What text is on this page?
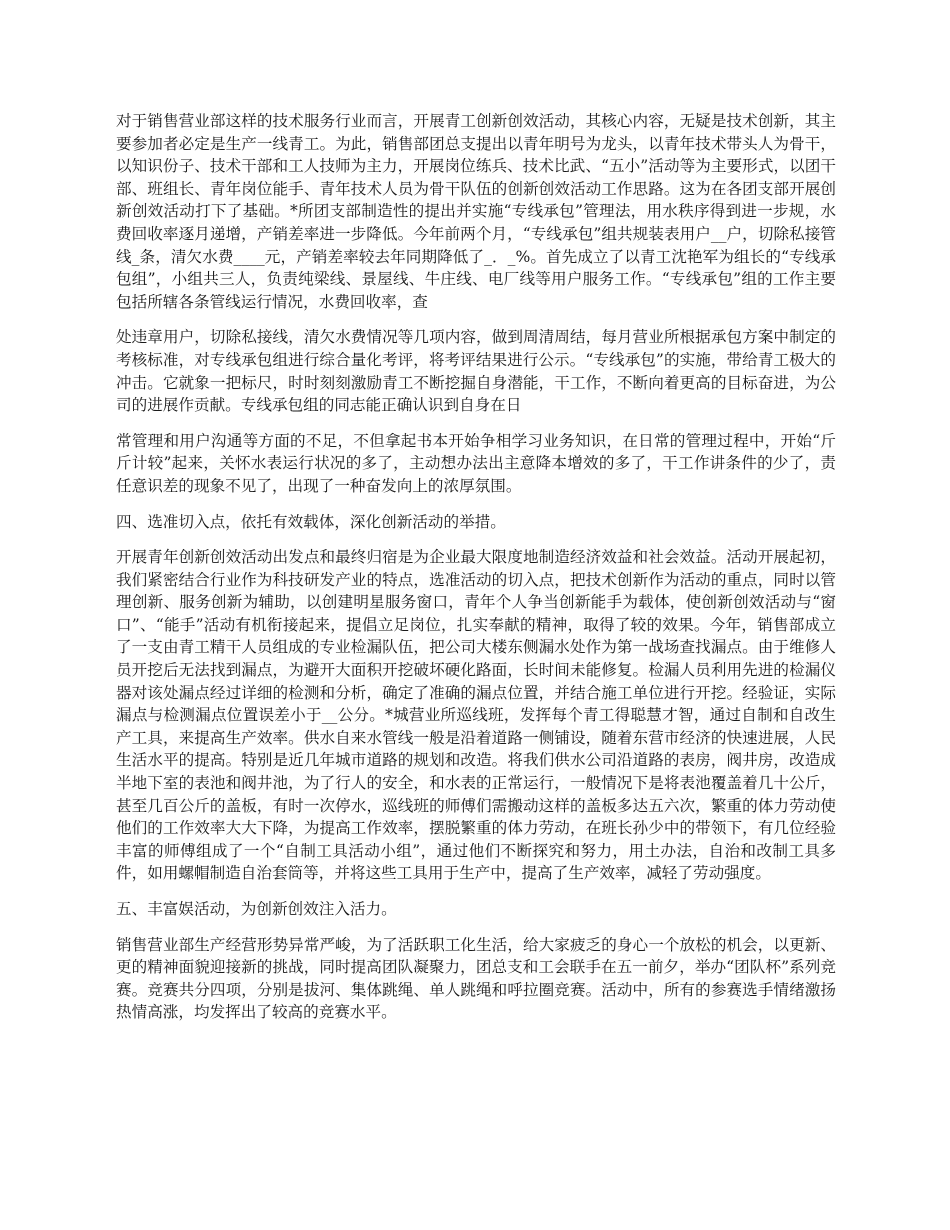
对于销售营业部这样的技术服务行业而言，开展青工创新创效活动，其核心内容，无疑是技术创新，其主要参加者必定是生产一线青工。为此，销售部团总支提出以青年明号为龙头，以青年技术带头人为骨干，以知识份子、技术干部和工人技师为主力，开展岗位练兵、技术比武、“五小”活动等为主要形式，以团干部、班组长、青年岗位能手、青年技术人员为骨干队伍的创新创效活动工作思路。这为在各团支部开展创新创效活动打下了基础。*所团支部制造性的提出并实施“专线承包”管理法，用水秩序得到进一步规，水费回收率逐月递增，产销差率进一步降低。今年前两个月，“专线承包”组共规装表用户__户，切除私接管线_条，清欠水费____元，产销差率较去年同期降低了_．_%。首先成立了以青工沈艳军为组长的“专线承包组”，小组共三人，负责纯梁线、景屋线、牛庄线、电厂线等用户服务工作。“专线承包”组的工作主要包括所辖各条管线运行情况，水费回收率，查

处违章用户，切除私接线，清欠水费情况等几项内容，做到周清周结，每月营业所根据承包方案中制定的考核标准，对专线承包组进行综合量化考评，将考评结果进行公示。“专线承包”的实施，带给青工极大的冲击。它就象一把标尺，时时刻刻激励青工不断挖掘自身潜能，干工作，不断向着更高的目标奋进，为公司的进展作贡献。专线承包组的同志能正确认识到自身在日

常管理和用户沟通等方面的不足，不但拿起书本开始争相学习业务知识，在日常的管理过程中，开始“斤斤计较”起来，关怀水表运行状况的多了，主动想办法出主意降本增效的多了，干工作讲条件的少了，责任意识差的现象不见了，出现了一种奋发向上的浓厚氛围。

四、选准切入点，依托有效载体，深化创新活动的举措。

开展青年创新创效活动出发点和最终归宿是为企业最大限度地制造经济效益和社会效益。活动开展起初，我们紧密结合行业作为科技研发产业的特点，选准活动的切入点，把技术创新作为活动的重点，同时以管理创新、服务创新为辅助，以创建明星服务窗口，青年个人争当创新能手为载体，使创新创效活动与“窗口”、“能手”活动有机衔接起来，提倡立足岗位，扎实奉献的精神，取得了较的效果。今年，销售部成立了一支由青工精干人员组成的专业检漏队伍，把公司大楼东侧漏水处作为第一战场查找漏点。由于维修人员开挖后无法找到漏点，为避开大面积开挖破坏硬化路面，长时间未能修复。检漏人员利用先进的检漏仪器对该处漏点经过详细的检测和分析，确定了准确的漏点位置，并结合施工单位进行开挖。经验证，实际漏点与检测漏点位置误差小于__公分。*城营业所巡线班，发挥每个青工得聪慧才智，通过自制和自改生产工具，来提高生产效率。供水自来水管线一般是沿着道路一侧铺设，随着东营市经济的快速进展，人民生活水平的提高。特别是近几年城市道路的规划和改造。将我们供水公司沿道路的表房，阀井房，改造成半地下室的表池和阀井池，为了行人的安全，和水表的正常运行，一般情况下是将表池覆盖着几十公斤，甚至几百公斤的盖板，有时一次停水，巡线班的师傅们需搬动这样的盖板多达五六次，繁重的体力劳动使他们的工作效率大大下降，为提高工作效率，摆脱繁重的体力劳动，在班长孙少中的带领下，有几位经验丰富的师傅组成了一个“自制工具活动小组”，通过他们不断探究和努力，用土办法，自治和改制工具多件，如用螺帽制造自治套筒等，并将这些工具用于生产中，提高了生产效率，减轻了劳动强度。

五、丰富娱活动，为创新创效注入活力。

销售营业部生产经营形势异常严峻，为了活跃职工化生活，给大家疲乏的身心一个放松的机会，以更新、更的精神面貌迎接新的挑战，同时提高团队凝聚力，团总支和工会联手在五一前夕，举办“团队杯”系列竞赛。竞赛共分四项，分别是拔河、集体跳绳、单人跳绳和呼拉圈竞赛。活动中，所有的参赛选手情绪激扬热情高涨，均发挥出了较高的竞赛水平。
